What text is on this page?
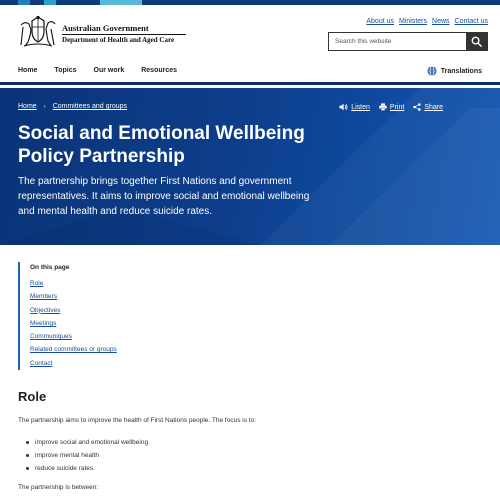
Australian Government
Department of Health and Aged Care
About us Ministers News Contact us
Search this website
Home Topics Our work Resources	Translations
Home › Committees and groups	Listen	Print	Share
Social and Emotional Wellbeing Policy Partnership

The partnership brings together First Nations and government representatives. It aims to improve social and emotional wellbeing and mental health and reduce suicide rates.

On this page
Role
Members
Objectives
Meetings
Communiques
Related committees or groups
Contact
Role

The partnership aims to improve the health of First Nations people. The focus is to:

improve social and emotional wellbeing
improve mental health
reduce suicide rates.

The partnership is between:
